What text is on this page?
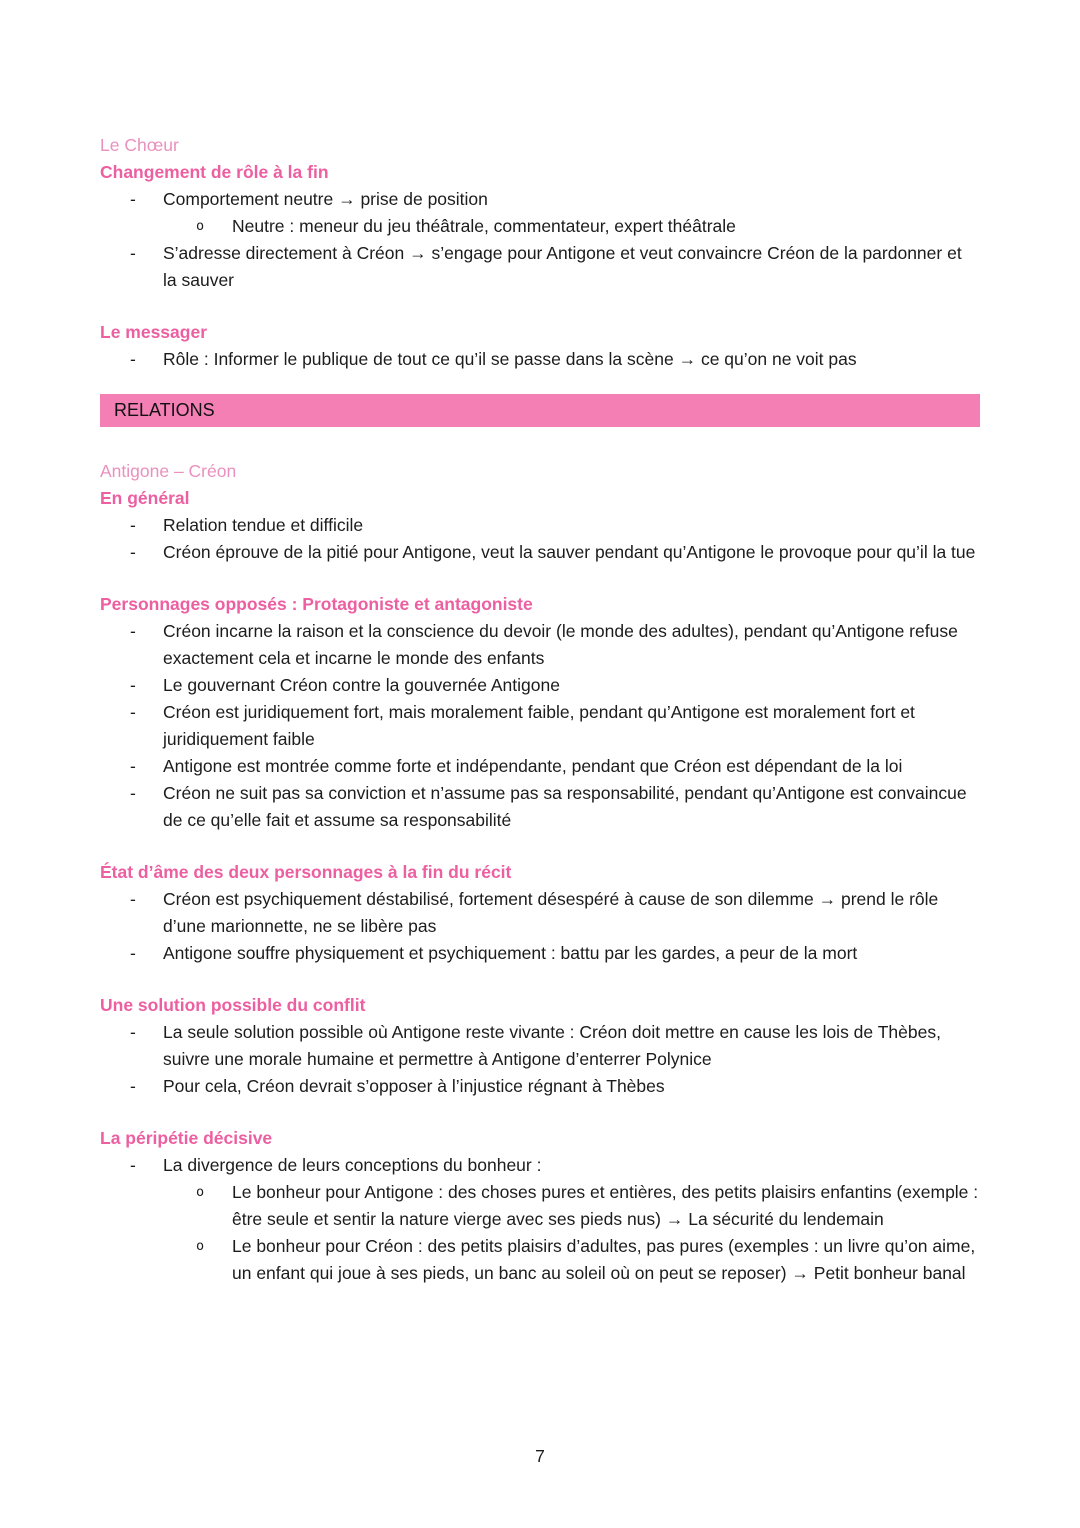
Le Chœur
Changement de rôle à la fin
-	Comportement neutre → prise de position
o	Neutre : meneur du jeu théâtrale, commentateur, expert théâtrale
-	S’adresse directement à Créon → s’engage pour Antigone et veut convaincre Créon de la pardonner et la sauver
Le messager
-	Rôle : Informer le publique de tout ce qu’il se passe dans la scène → ce qu’on ne voit pas
RELATIONS
Antigone – Créon
En général
-	Relation tendue et difficile
-	Créon éprouve de la pitié pour Antigone, veut la sauver pendant qu’Antigone le provoque pour qu’il la tue
Personnages opposés : Protagoniste et antagoniste
-	Créon incarne la raison et la conscience du devoir (le monde des adultes), pendant qu’Antigone refuse exactement cela et incarne le monde des enfants
-	Le gouvernant Créon contre la gouvernée Antigone
-	Créon est juridiquement fort, mais moralement faible, pendant qu’Antigone est moralement fort et juridiquement faible
-	Antigone est montrée comme forte et indépendante, pendant que Créon est dépendant de la loi
-	Créon ne suit pas sa conviction et n’assume pas sa responsabilité, pendant qu’Antigone est convaincue de ce qu’elle fait et assume sa responsabilité
État d’âme des deux personnages à la fin du récit
-	Créon est psychiquement déstabilisé, fortement désespéré à cause de son dilemme → prend le rôle d’une marionnette, ne se libère pas
-	Antigone souffre physiquement et psychiquement : battu par les gardes, a peur de la mort
Une solution possible du conflit
-	La seule solution possible où Antigone reste vivante : Créon doit mettre en cause les lois de Thèbes, suivre une morale humaine et permettre à Antigone d’enterrer Polynice
-	Pour cela, Créon devrait s’opposer à l’injustice régnant à Thèbes
La péripétie décisive
-	La divergence de leurs conceptions du bonheur :
o	Le bonheur pour Antigone : des choses pures et entières, des petits plaisirs enfantins (exemple : être seule et sentir la nature vierge avec ses pieds nus) → La sécurité du lendemain
o	Le bonheur pour Créon : des petits plaisirs d’adultes, pas pures (exemples : un livre qu’on aime, un enfant qui joue à ses pieds, un banc au soleil où on peut se reposer) → Petit bonheur banal
7
